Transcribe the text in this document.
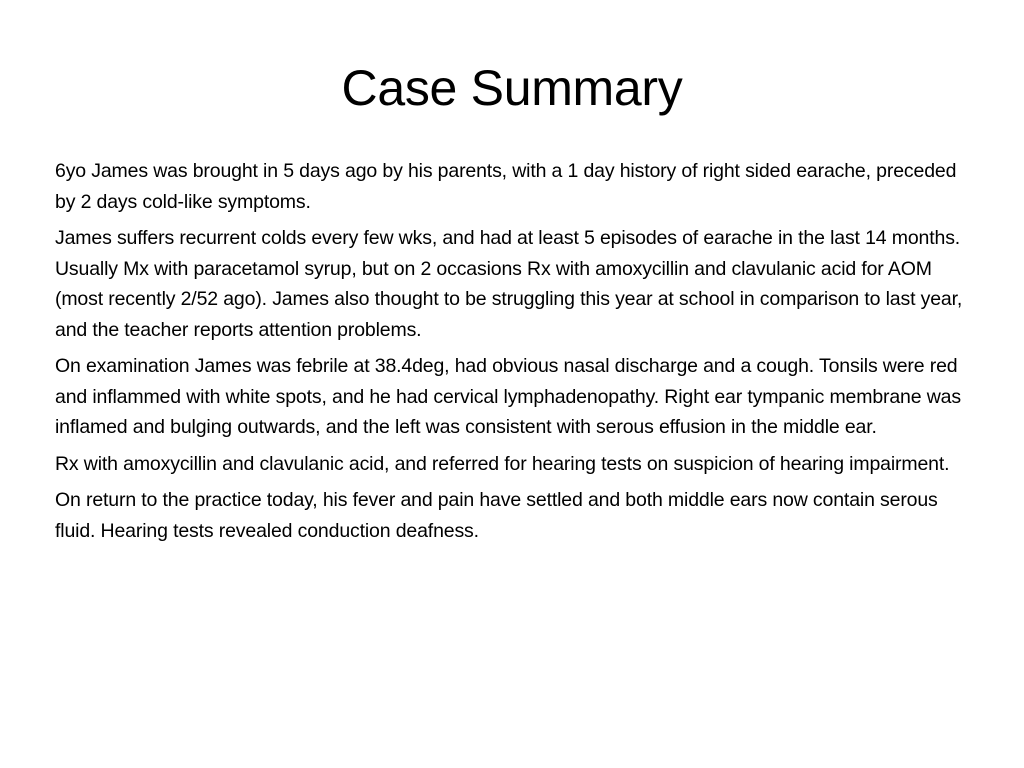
Case Summary

6yo James was brought in 5 days ago by his parents, with a 1 day history of right sided earache, preceded by 2 days cold-like symptoms.

James suffers recurrent colds every few wks, and had at least 5 episodes of earache in the last 14 months. Usually Mx with paracetamol syrup, but on 2 occasions Rx with amoxycillin and clavulanic acid for AOM (most recently 2/52 ago). James also thought to be struggling this year at school in comparison to last year, and the teacher reports attention problems.

On examination James was febrile at 38.4deg, had obvious nasal discharge and a cough. Tonsils were red and inflammed with white spots, and he had cervical lymphadenopathy. Right ear tympanic membrane was inflamed and bulging outwards, and the left was consistent with serous effusion in the middle ear.

Rx with amoxycillin and clavulanic acid, and referred for hearing tests on suspicion of hearing impairment.

On return to the practice today, his fever and pain have settled and both middle ears now contain serous fluid. Hearing tests revealed conduction deafness.
